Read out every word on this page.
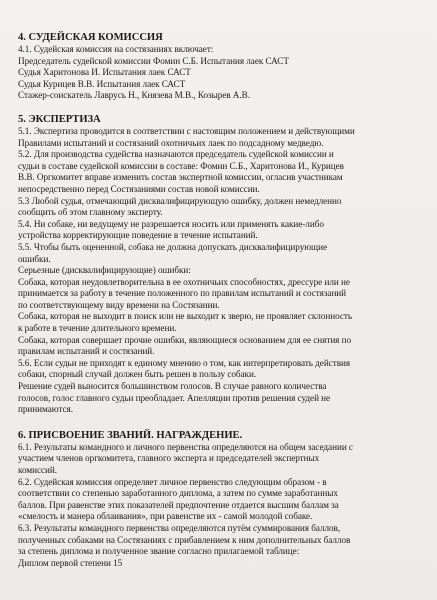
4. СУДЕЙСКАЯ КОМИССИЯ
4.1. Судейская комиссия на состязаниях включает:
Председатель судейской комиссии Фомин С.Б. Испытания лаек САСТ
Судья Харитонова И. Испытания лаек САСТ
Судья Курицев В.В. Испытания лаек САСТ
Стажер-соискатель Лаврусь Н., Князева М.В., Козырев А.В.
5. ЭКСПЕРТИЗА
5.1. Экспертиза проводится в соответствии с настоящим положением и действующими
Правилами испытаний и состязаний охотничьих лаек по подсадному медведю.
5.2. Для производства судейства назначаются председатель судейской комиссии и
судьи в составе судейской комиссии в составе: Фомин С.Б., Харитонова И., Курицев
В.В. Оргкомитет вправе изменить состав экспертной комиссии, огласив участникам
непосредственно перед Состязаниями состав новой комиссии.
5.3 Любой судья, отмечающий дисквалифицирующую ошибку, должен немедленно
сообщить об этом главному эксперту.
5.4. Ни собаке, ни ведущему не разрешается носить или применять какие-либо
устройства корректирующие поведение в течение испытаний.
5.5. Чтобы быть оцененной, собака не должна допускать дисквалифицирующие
ошибки.
Серьезные (дисквалифицирующие) ошибки:
Собака, которая неудовлетворительна в ее охотничьих способностях, дрессуре или не
принимается за работу в течение положенного по правилам испытаний и состязаний
по соответствующему виду времени на Состязании.
Собака, которая не выходит в поиск или не выходит к зверю, не проявляет склонность
к работе в течение длительного времени.
Собака, которая совершает прочие ошибки, являющиеся основанием для ее снятия по
правилам испытаний и состязаний.
5.6. Если судьи не приходят к единому мнению о том, как интерпретировать действия
собаки, спорный случай должен быть решен в пользу собаки.
Решение судей выносится большинством голосов. В случае равного количества
голосов, голос главного судьи преобладает. Апелляции против решения судей не
принимаются.
6. ПРИСВОЕНИЕ ЗВАНИЙ. НАГРАЖДЕНИЕ.
6.1. Результаты командного и личного первенства определяются на общем заседании с
участием членов оргкомитета, главного эксперта и председателей экспертных
комиссий.
6.2. Судейская комиссия определяет личное первенство следующим образом - в
соответствии со степенью заработанного диплома, а затем по сумме заработанных
баллов. При равенстве этих показателей предпочтение отдается высшим баллам за
«смелость и манера облаивания», при равенстве их - самой молодой собаке.
6.3. Результаты командного первенства определяются путём суммирования баллов,
полученных собаками на Состязаниях с прибавлением к ним дополнительных баллов
за степень диплома и полученное звание согласно прилагаемой таблице:
Диплом первой степени 15
